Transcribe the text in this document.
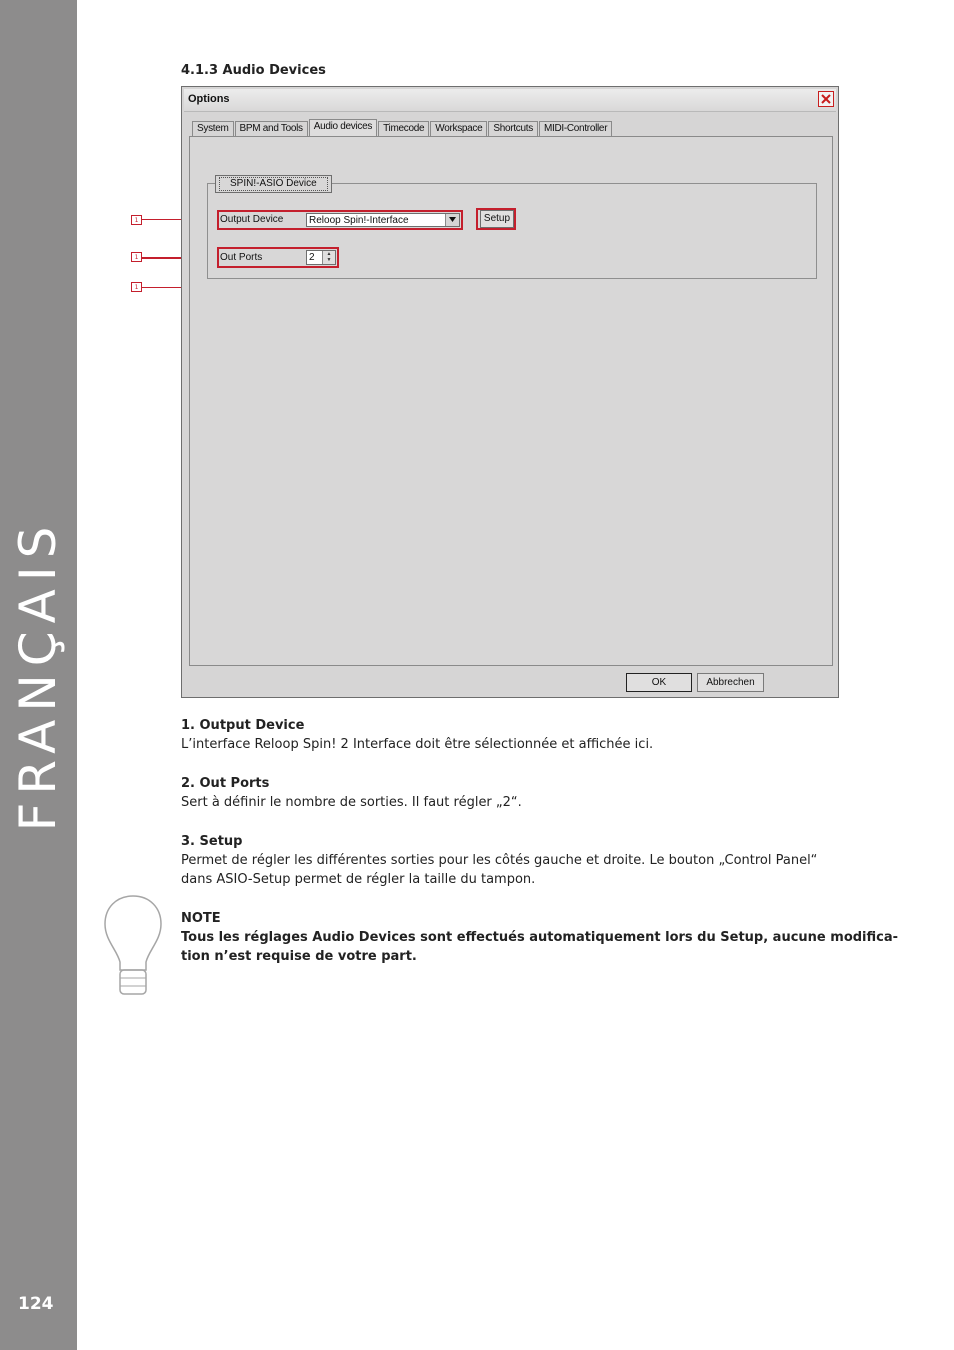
FRANÇAIS
124
4.1.3 Audio Devices
1
1
1
Options
System BPM and Tools Audio devices Timecode Workspace Shortcuts MIDI-Controller
SPIN!-ASIO Device
Output Device	Reloop Spin!-Interface	Setup
Out Ports	2	▲
▼
OK	Abbrechen
1. Output Device
L’interface Reloop Spin! 2 Interface doit être sélectionnée et affichée ici.
2. Out Ports
Sert à définir le nombre de sorties. Il faut régler „2“.
3. Setup
Permet de régler les différentes sorties pour les côtés gauche et droite. Le bouton „Control Panel“
dans ASIO-Setup permet de régler la taille du tampon.
NOTE
Tous les réglages Audio Devices sont effectués automatiquement lors du Setup, aucune modifica-
tion n’est requise de votre part.
